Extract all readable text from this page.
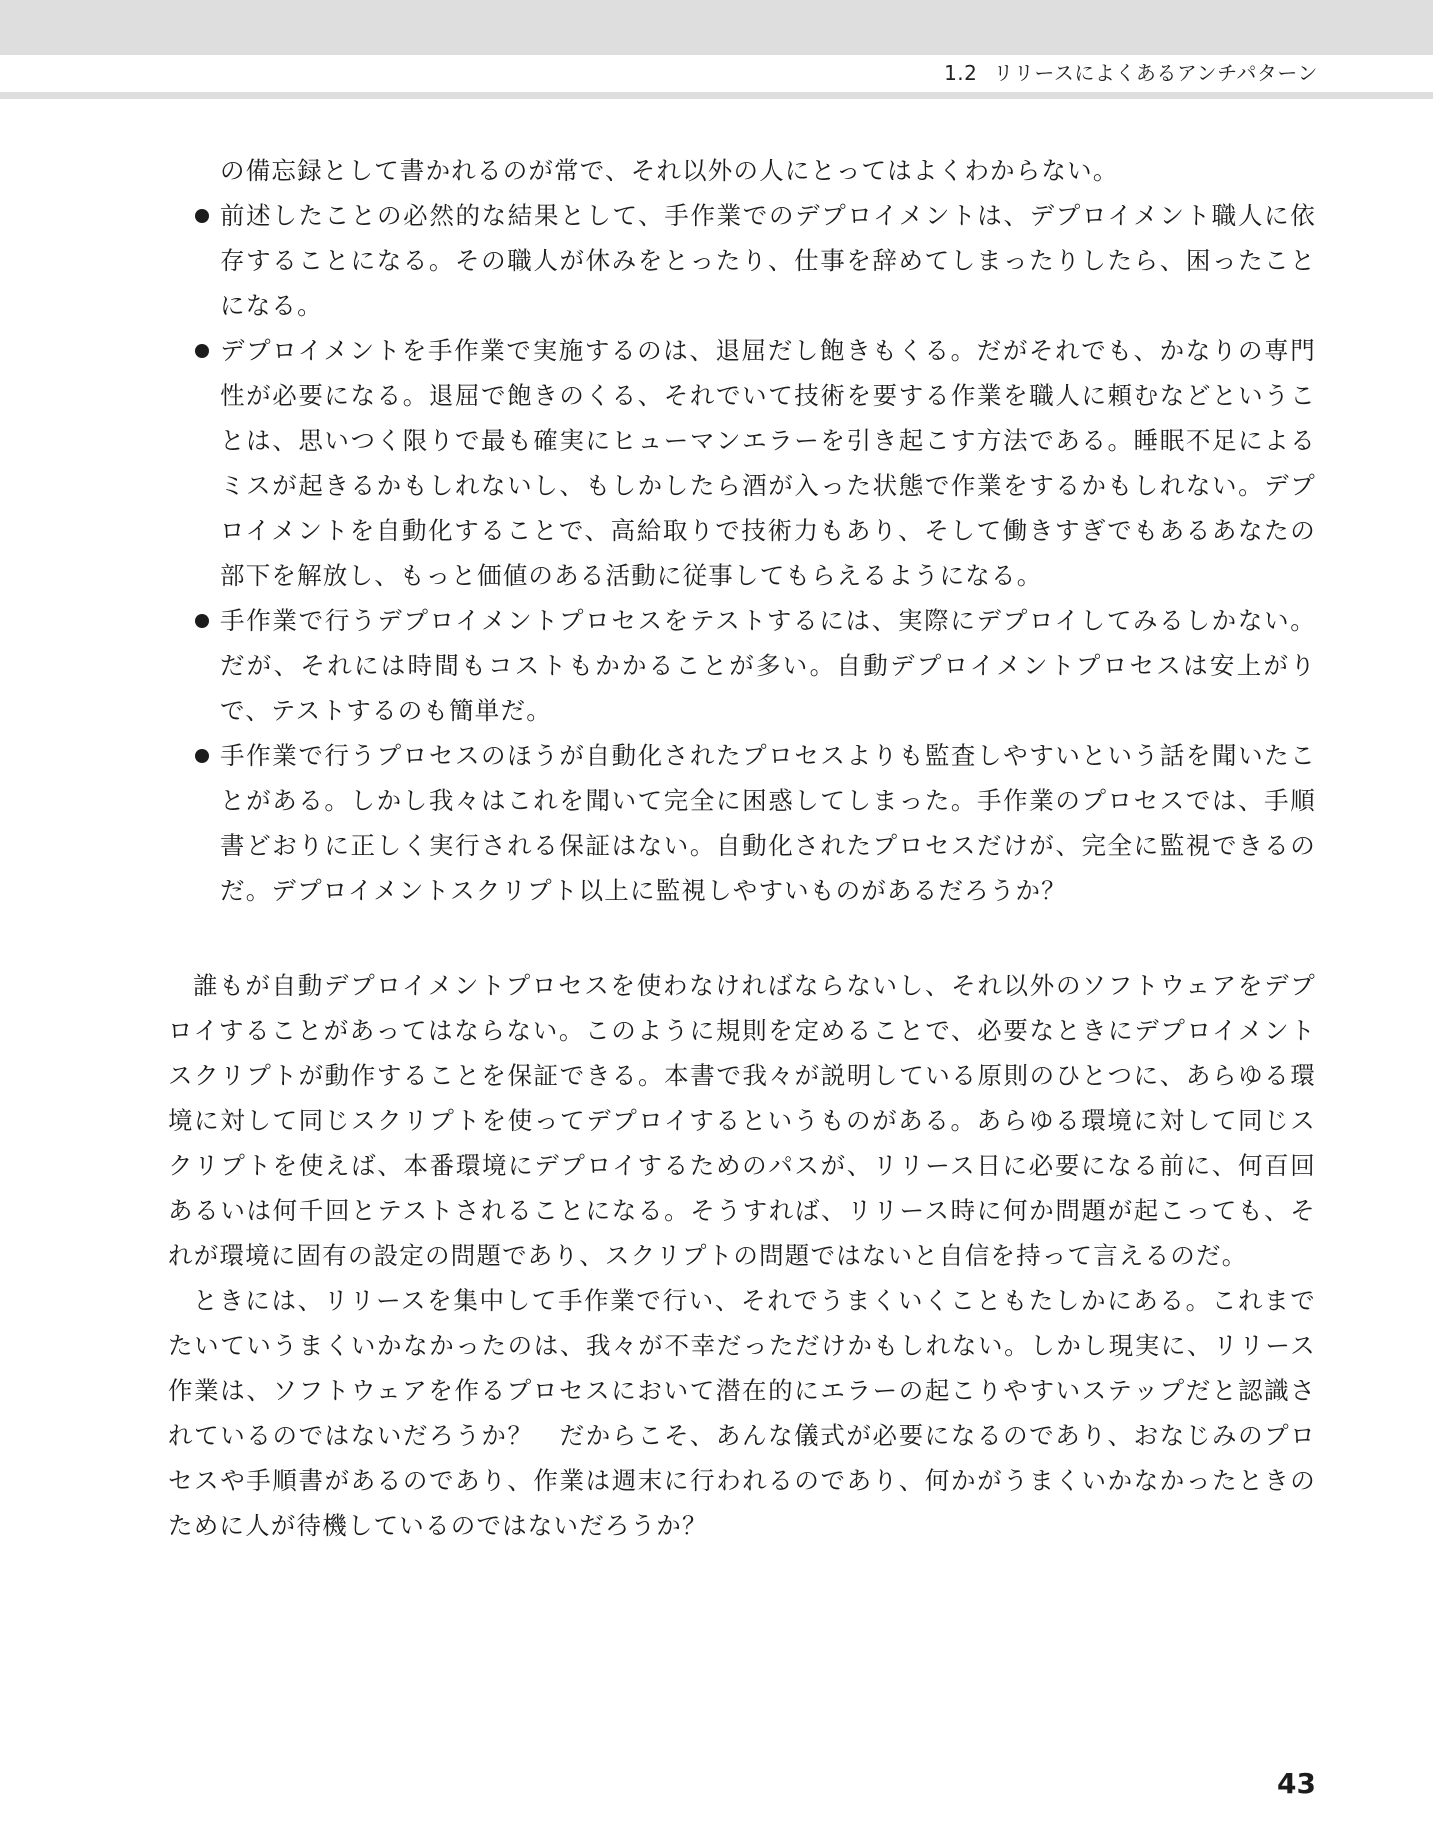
1.2 リリースによくあるアンチパターン
の備忘録として書かれるのが常で、それ以外の人にとってはよくわからない。
前述したことの必然的な結果として、手作業でのデプロイメントは、デプロイメント職人に依存することになる。その職人が休みをとったり、仕事を辞めてしまったりしたら、困ったことになる。
デプロイメントを手作業で実施するのは、退屈だし飽きもくる。だがそれでも、かなりの専門性が必要になる。退屈で飽きのくる、それでいて技術を要する作業を職人に頼むなどということは、思いつく限りで最も確実にヒューマンエラーを引き起こす方法である。睡眠不足によるミスが起きるかもしれないし、もしかしたら酒が入った状態で作業をするかもしれない。デプロイメントを自動化することで、高給取りで技術力もあり、そして働きすぎでもあるあなたの部下を解放し、もっと価値のある活動に従事してもらえるようになる。
手作業で行うデプロイメントプロセスをテストするには、実際にデプロイしてみるしかない。だが、それには時間もコストもかかることが多い。自動デプロイメントプロセスは安上がりで、テストするのも簡単だ。
手作業で行うプロセスのほうが自動化されたプロセスよりも監査しやすいという話を聞いたことがある。しかし我々はこれを聞いて完全に困惑してしまった。手作業のプロセスでは、手順書どおりに正しく実行される保証はない。自動化されたプロセスだけが、完全に監視できるのだ。デプロイメントスクリプト以上に監視しやすいものがあるだろうか？

誰もが自動デプロイメントプロセスを使わなければならないし、それ以外のソフトウェアをデプロイすることがあってはならない。このように規則を定めることで、必要なときにデプロイメントスクリプトが動作することを保証できる。本書で我々が説明している原則のひとつに、あらゆる環境に対して同じスクリプトを使ってデプロイするというものがある。あらゆる環境に対して同じスクリプトを使えば、本番環境にデプロイするためのパスが、リリース日に必要になる前に、何百回あるいは何千回とテストされることになる。そうすれば、リリース時に何か問題が起こっても、それが環境に固有の設定の問題であり、スクリプトの問題ではないと自信を持って言えるのだ。

ときには、リリースを集中して手作業で行い、それでうまくいくこともたしかにある。これまでたいていうまくいかなかったのは、我々が不幸だっただけかもしれない。しかし現実に、リリース作業は、ソフトウェアを作るプロセスにおいて潜在的にエラーの起こりやすいステップだと認識されているのではないだろうか？　だからこそ、あんな儀式が必要になるのであり、おなじみのプロセスや手順書があるのであり、作業は週末に行われるのであり、何かがうまくいかなかったときのために人が待機しているのではないだろうか？

43
